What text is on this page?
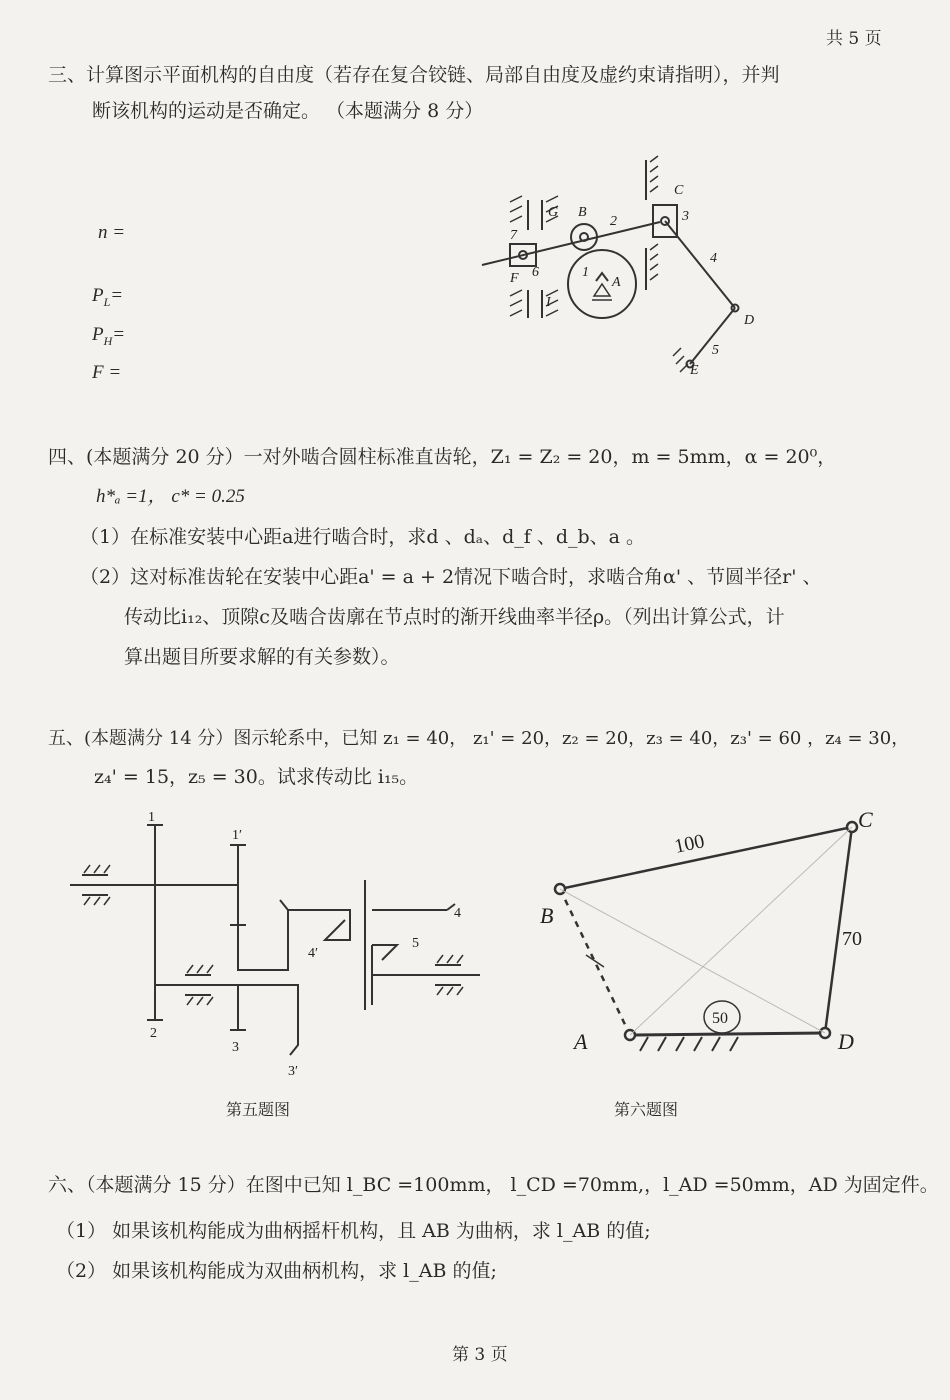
共 5 页
三、计算图示平面机构的自由度（若存在复合铰链、局部自由度及虚约束请指明），并判
断该机构的运动是否确定。 （本题满分 8 分）
n =
$P_L=$
$P_H=$
F =
C
3
B
2
G
7
F 6	1
A
I
4
D
5
E
四、(本题满分 20 分）一对外啮合圆柱标准直齿轮，Z₁ = Z₂ = 20，m = 5mm，α = 20⁰，
h*ₐ =1， c* = 0.25
（1）在标准安装中心距a进行啮合时，求d 、dₐ、d_f 、d_b、a 。
（2）这对标准齿轮在安装中心距a' = a + 2情况下啮合时，求啮合角α' 、节圆半径r' 、
传动比i₁₂、顶隙c及啮合齿廓在节点时的渐开线曲率半径ρ。（列出计算公式，计
算出题目所要求解的有关参数）。
五、(本题满分 14 分）图示轮系中，已知 z₁ = 40， z₁' = 20，z₂ = 20，z₃ = 40，z₃' = 60 ，z₄ = 30，
z₄' = 15，z₅ = 30。试求传动比 i₁₅。
1
1′
4
4′
5
2
3
3′
第五题图
B
C
A	D
100
70
50
第六题图
六、（本题满分 15 分）在图中已知 l_BC =100mm， l_CD =70mm,，l_AD =50mm，AD 为固定件。
（1） 如果该机构能成为曲柄摇杆机构，且 AB 为曲柄，求 l_AB 的值;
（2） 如果该机构能成为双曲柄机构，求 l_AB 的值;
第 3 页
